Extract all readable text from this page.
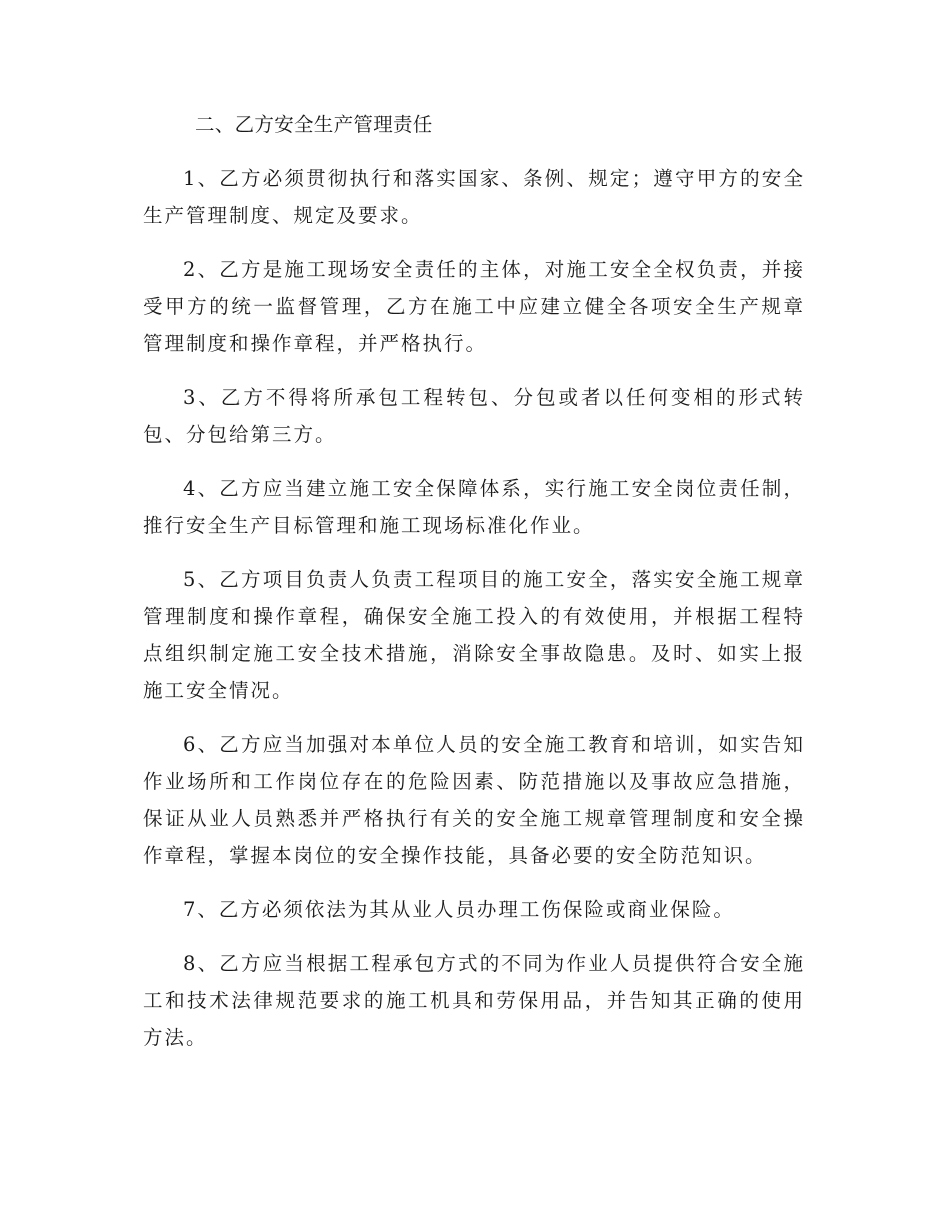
二、乙方安全生产管理责任

1、乙方必须贯彻执行和落实国家、条例、规定；遵守甲方的安全生产管理制度、规定及要求。

2、乙方是施工现场安全责任的主体，对施工安全全权负责，并接受甲方的统一监督管理，乙方在施工中应建立健全各项安全生产规章管理制度和操作章程，并严格执行。

3、乙方不得将所承包工程转包、分包或者以任何变相的形式转包、分包给第三方。

4、乙方应当建立施工安全保障体系，实行施工安全岗位责任制，推行安全生产目标管理和施工现场标准化作业。

5、乙方项目负责人负责工程项目的施工安全，落实安全施工规章管理制度和操作章程，确保安全施工投入的有效使用，并根据工程特点组织制定施工安全技术措施，消除安全事故隐患。及时、如实上报施工安全情况。

6、乙方应当加强对本单位人员的安全施工教育和培训，如实告知作业场所和工作岗位存在的危险因素、防范措施以及事故应急措施，保证从业人员熟悉并严格执行有关的安全施工规章管理制度和安全操作章程，掌握本岗位的安全操作技能，具备必要的安全防范知识。

7、乙方必须依法为其从业人员办理工伤保险或商业保险。

8、乙方应当根据工程承包方式的不同为作业人员提供符合安全施工和技术法律规范要求的施工机具和劳保用品，并告知其正确的使用方法。
